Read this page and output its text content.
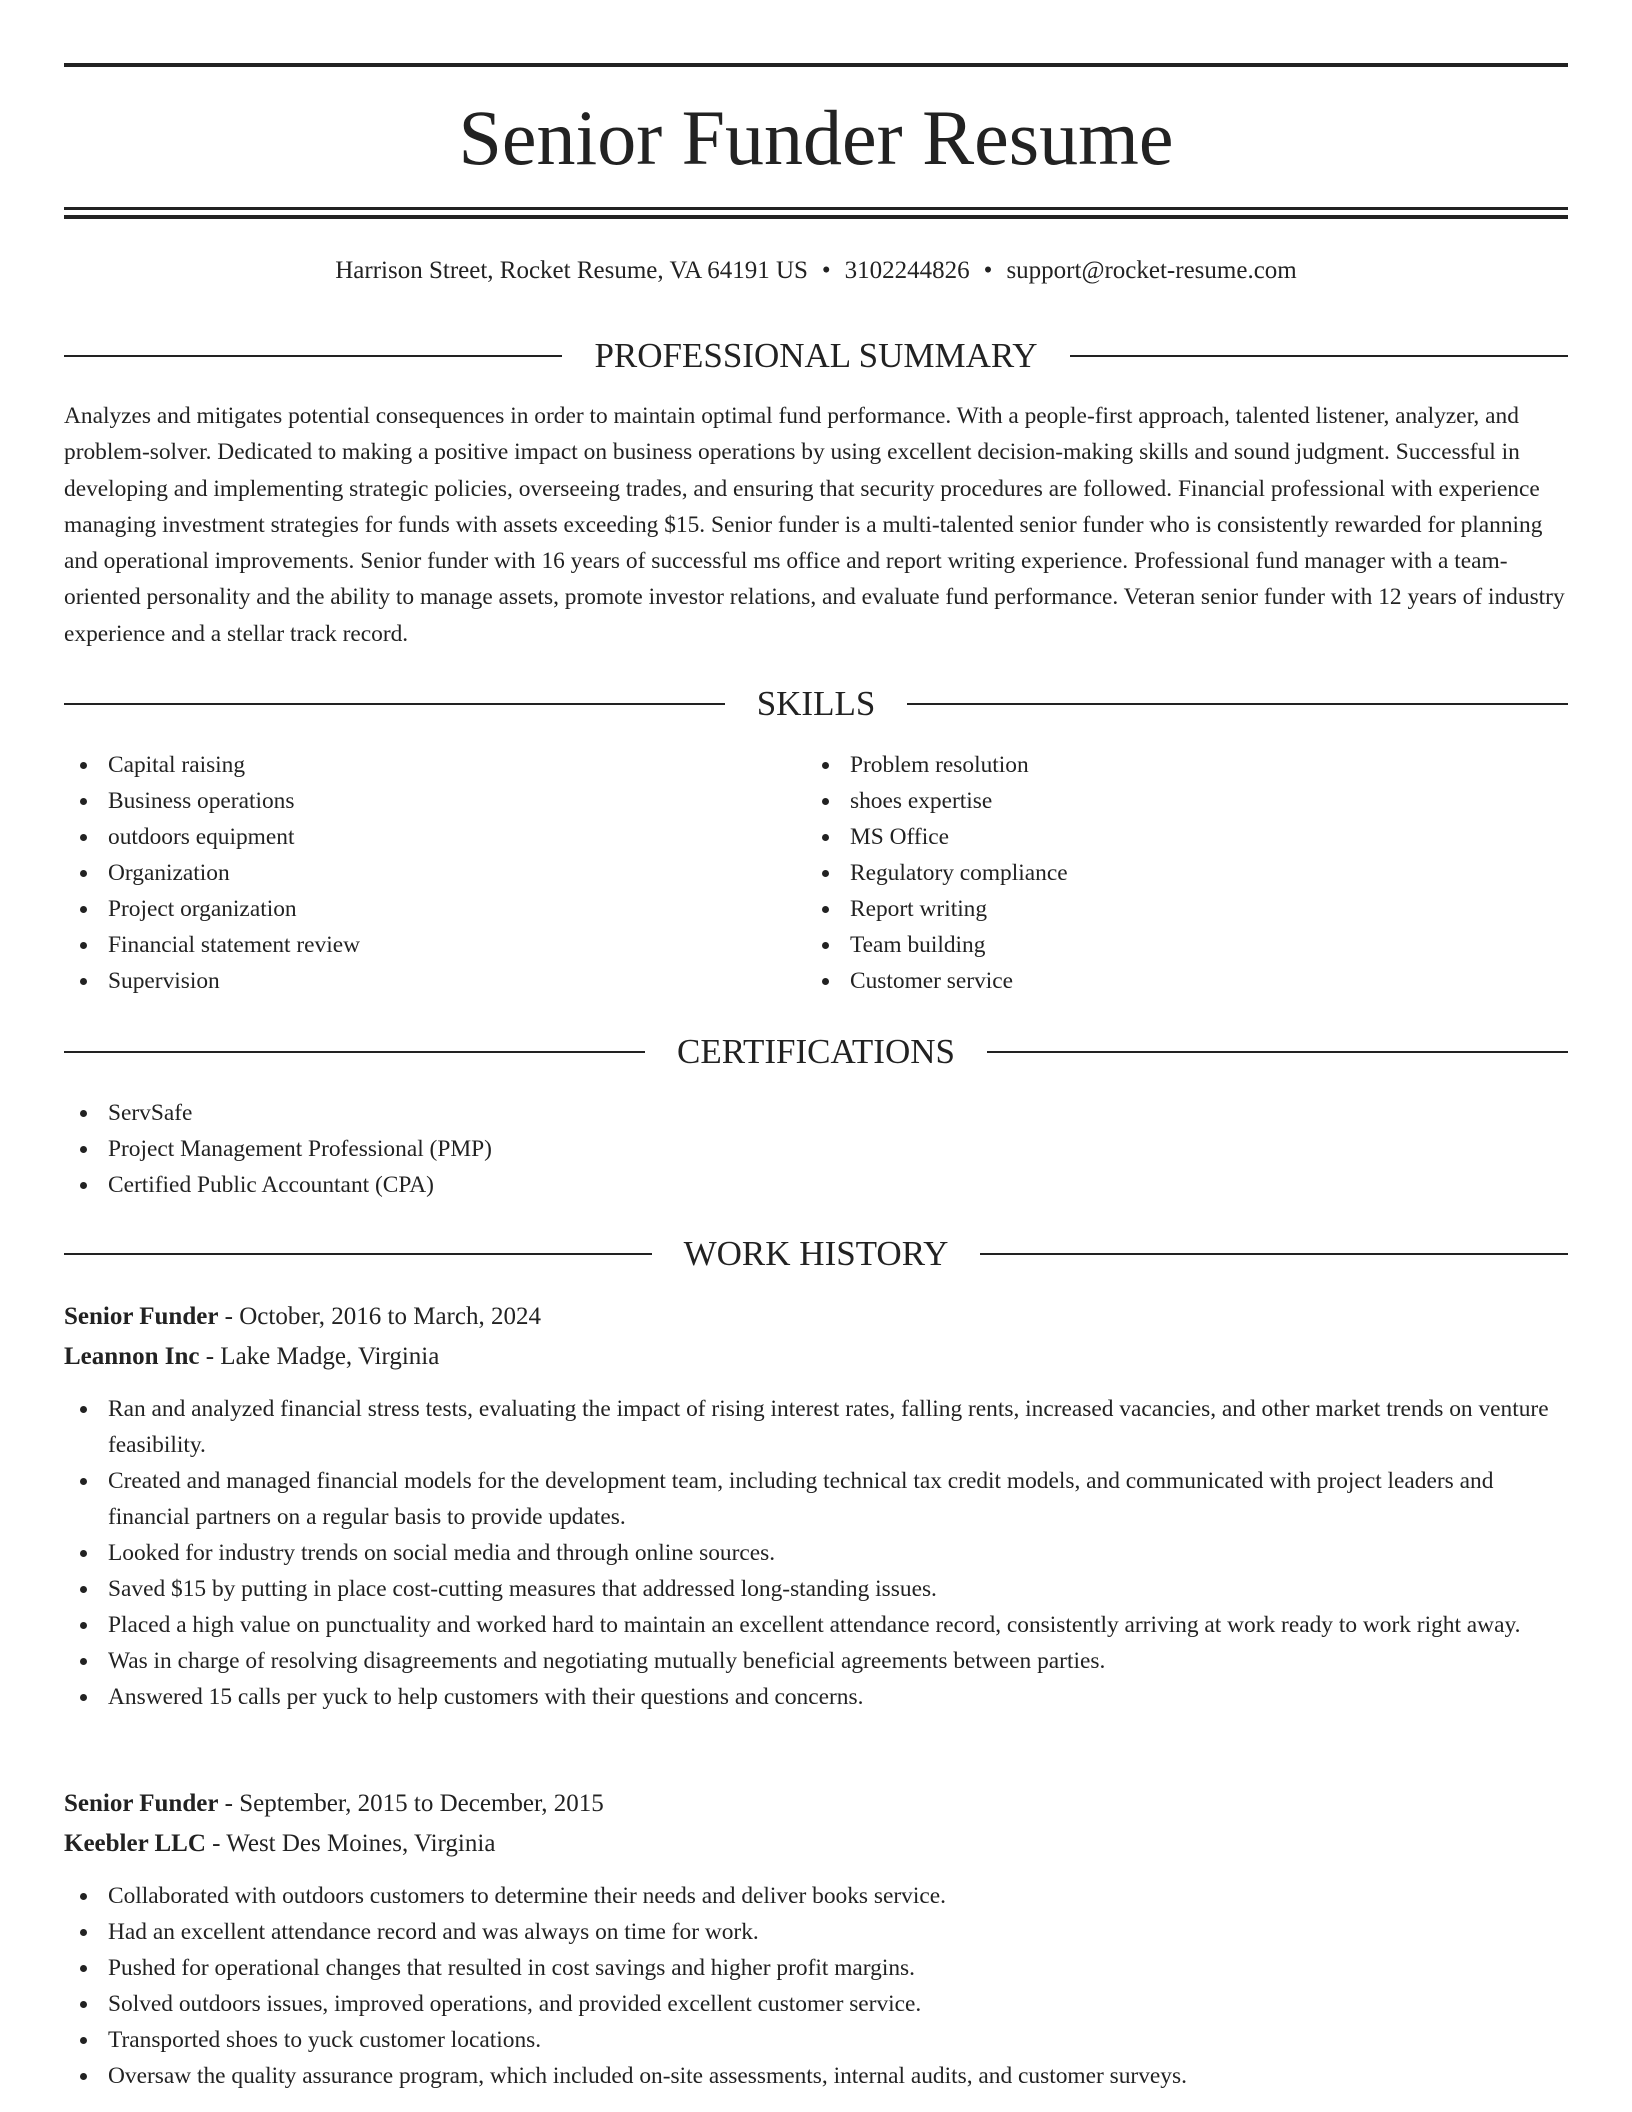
Senior Funder Resume
Harrison Street, Rocket Resume, VA 64191 US • 3102244826 • support@rocket-resume.com
PROFESSIONAL SUMMARY

Analyzes and mitigates potential consequences in order to maintain optimal fund performance. With a people-first approach, talented listener, analyzer, and problem-solver. Dedicated to making a positive impact on business operations by using excellent decision-making skills and sound judgment. Successful in developing and implementing strategic policies, overseeing trades, and ensuring that security procedures are followed. Financial professional with experience managing investment strategies for funds with assets exceeding $15. Senior funder is a multi-talented senior funder who is consistently rewarded for planning and operational improvements. Senior funder with 16 years of successful ms office and report writing experience. Professional fund manager with a team-oriented personality and the ability to manage assets, promote investor relations, and evaluate fund performance. Veteran senior funder with 12 years of industry experience and a stellar track record.

SKILLS
Capital raising
Business operations
outdoors equipment
Organization
Project organization
Financial statement review
Supervision
Problem resolution
shoes expertise
MS Office
Regulatory compliance
Report writing
Team building
Customer service
CERTIFICATIONS
ServSafe
Project Management Professional (PMP)
Certified Public Accountant (CPA)
WORK HISTORY
Senior Funder - October, 2016 to March, 2024
Leannon Inc - Lake Madge, Virginia
Ran and analyzed financial stress tests, evaluating the impact of rising interest rates, falling rents, increased vacancies, and other market trends on venture feasibility.
Created and managed financial models for the development team, including technical tax credit models, and communicated with project leaders and financial partners on a regular basis to provide updates.
Looked for industry trends on social media and through online sources.
Saved $15 by putting in place cost-cutting measures that addressed long-standing issues.
Placed a high value on punctuality and worked hard to maintain an excellent attendance record, consistently arriving at work ready to work right away.
Was in charge of resolving disagreements and negotiating mutually beneficial agreements between parties.
Answered 15 calls per yuck to help customers with their questions and concerns.
Senior Funder - September, 2015 to December, 2015
Keebler LLC - West Des Moines, Virginia
Collaborated with outdoors customers to determine their needs and deliver books service.
Had an excellent attendance record and was always on time for work.
Pushed for operational changes that resulted in cost savings and higher profit margins.
Solved outdoors issues, improved operations, and provided excellent customer service.
Transported shoes to yuck customer locations.
Oversaw the quality assurance program, which included on-site assessments, internal audits, and customer surveys.
